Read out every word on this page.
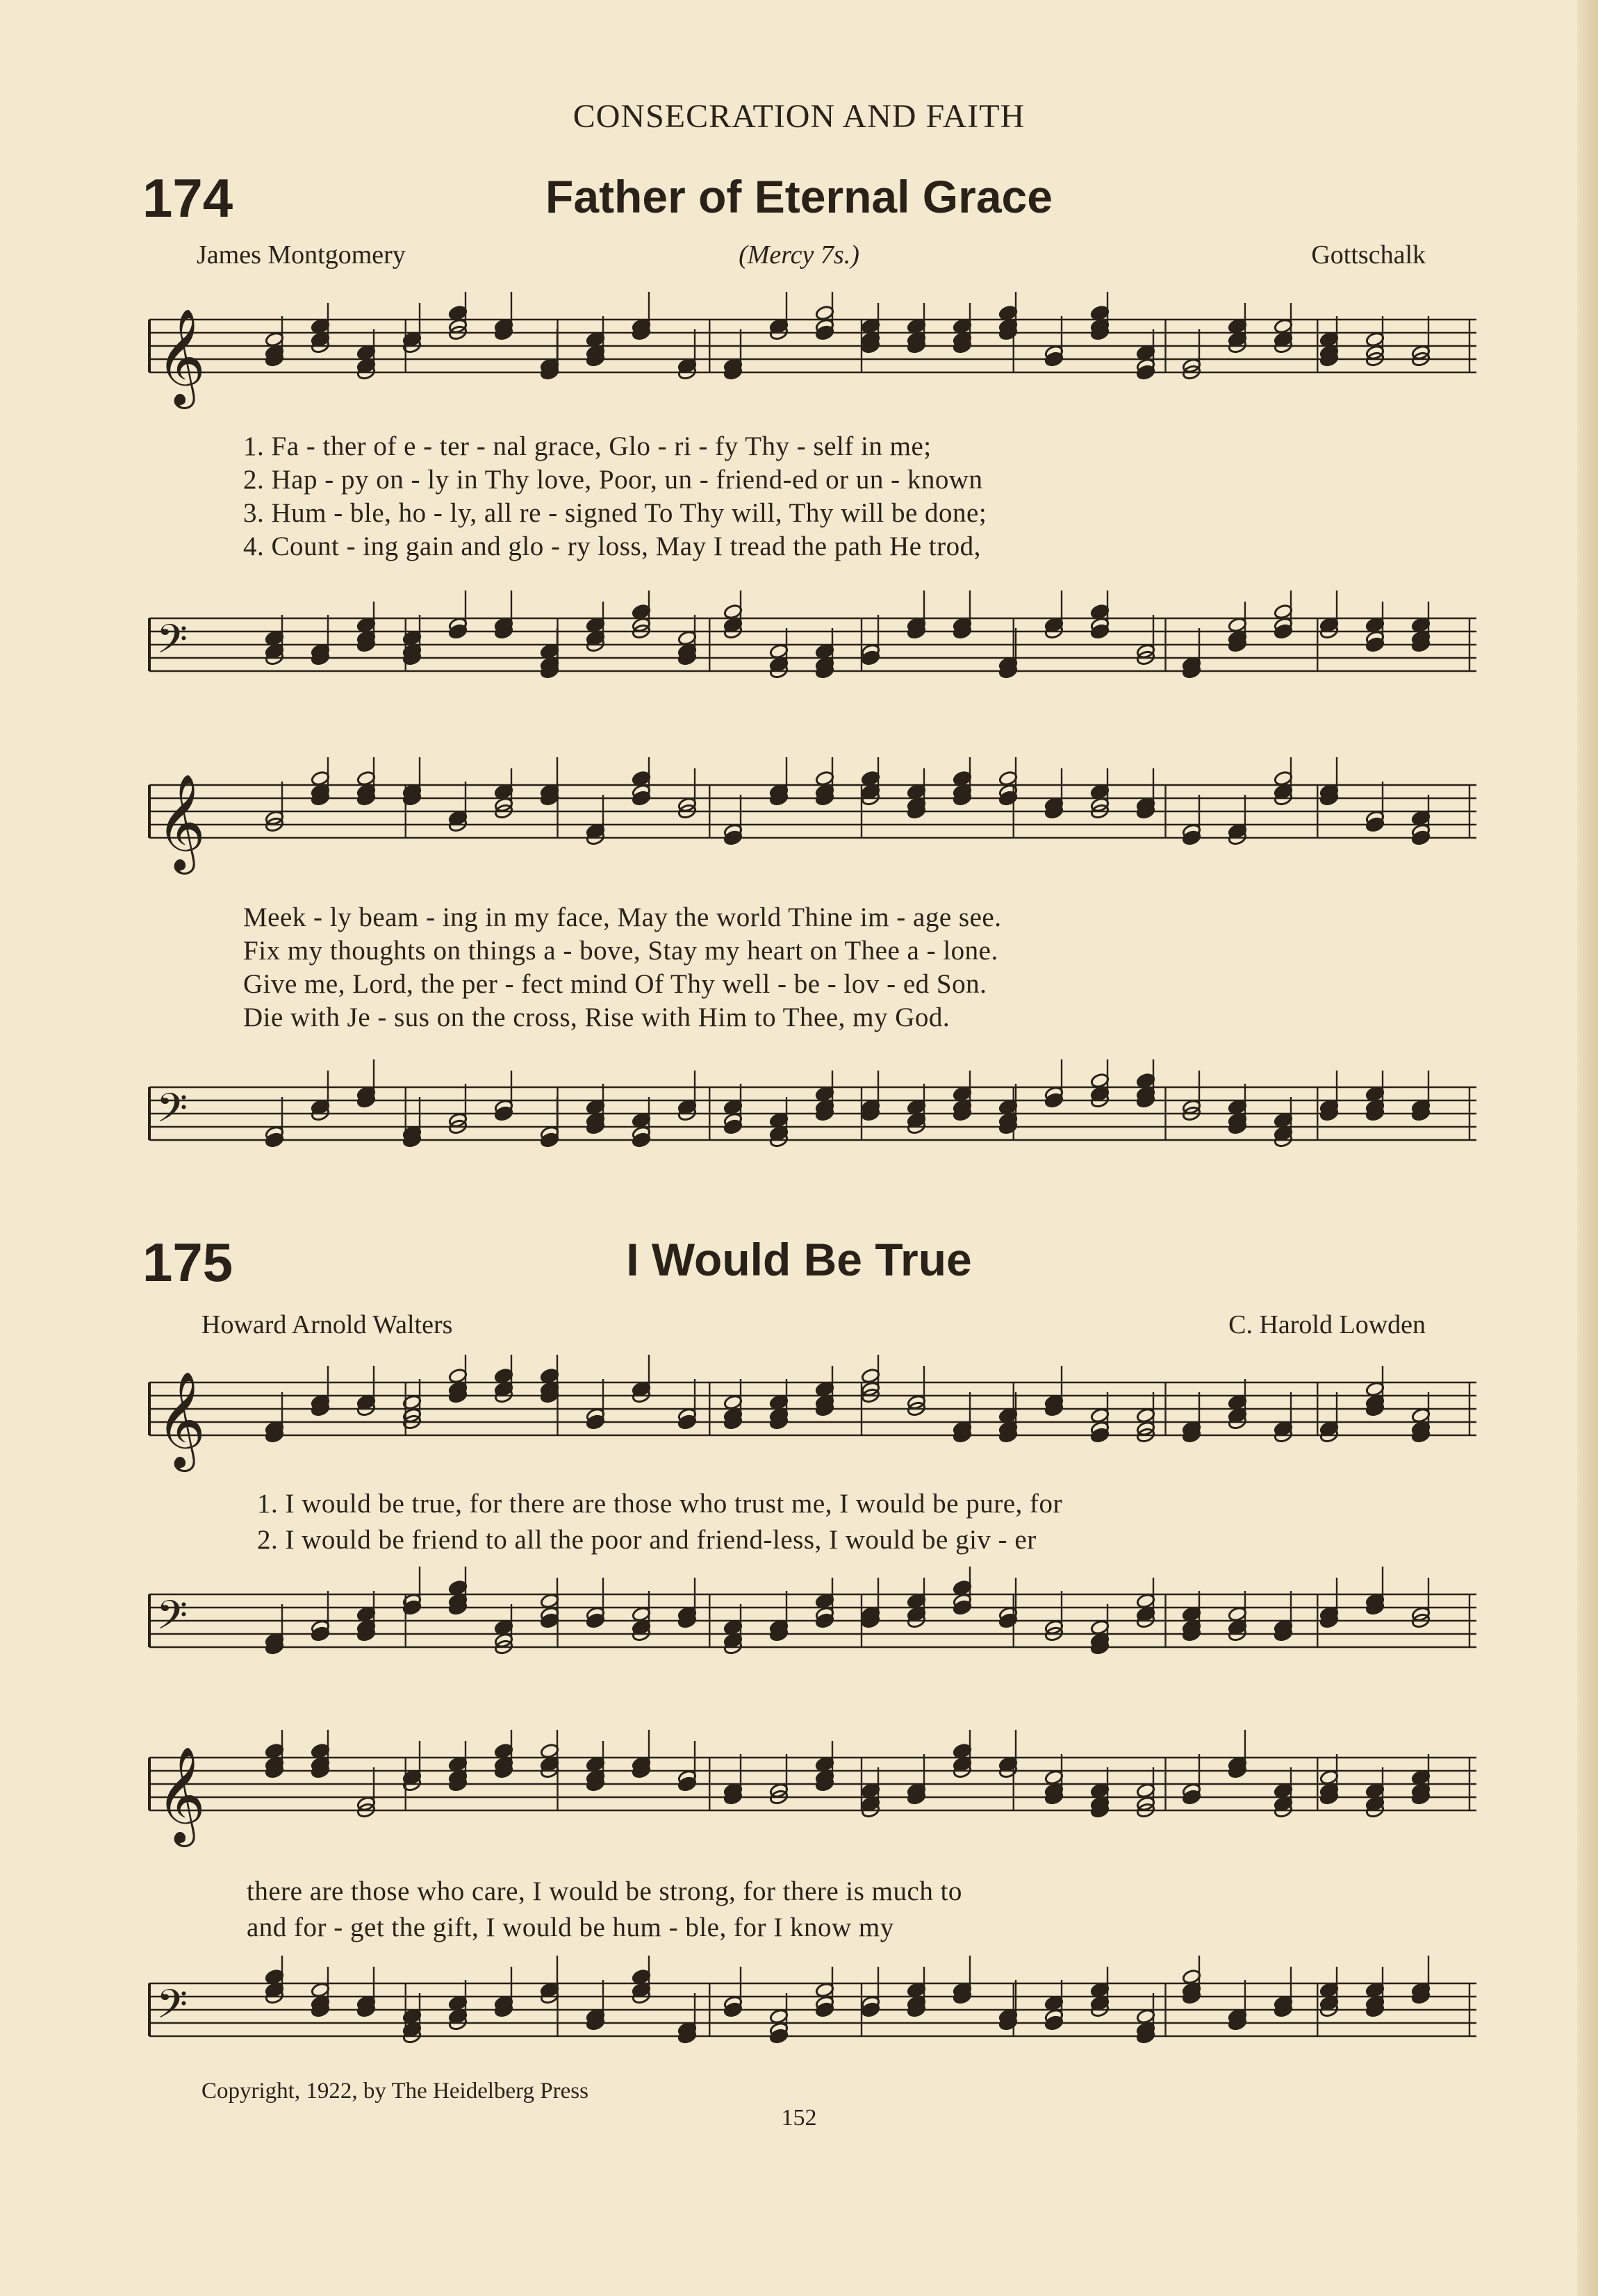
CONSECRATION AND FAITH
174	Father of Eternal Grace
James Montgomery	(Mercy 7s.)	Gottschalk
𝄞
1. Fa - ther of e - ter - nal grace, Glo - ri - fy Thy - self in me;
2. Hap - py on - ly in Thy love, Poor, un - friend-ed or un - known
3. Hum - ble, ho - ly, all re - signed To Thy will, Thy will be done;
4. Count - ing gain and glo - ry loss, May I tread the path He trod,
𝄢
𝄞
Meek - ly beam - ing in my face, May the world Thine im - age see.
Fix my thoughts on things a - bove, Stay my heart on Thee a - lone.
Give me, Lord, the per - fect mind Of Thy well - be - lov - ed Son.
Die with Je - sus on the cross, Rise with Him to Thee, my God.
𝄢
175	I Would Be True
Howard Arnold Walters	C. Harold Lowden
𝄞
1. I would be true, for there are those who trust me, I would be pure, for
2. I would be friend to all the poor and friend-less, I would be giv - er
𝄢
𝄞
there are those who care, I would be strong, for there is much to
and for - get the gift, I would be hum - ble, for I know my
𝄢
Copyright, 1922, by The Heidelberg Press
152
